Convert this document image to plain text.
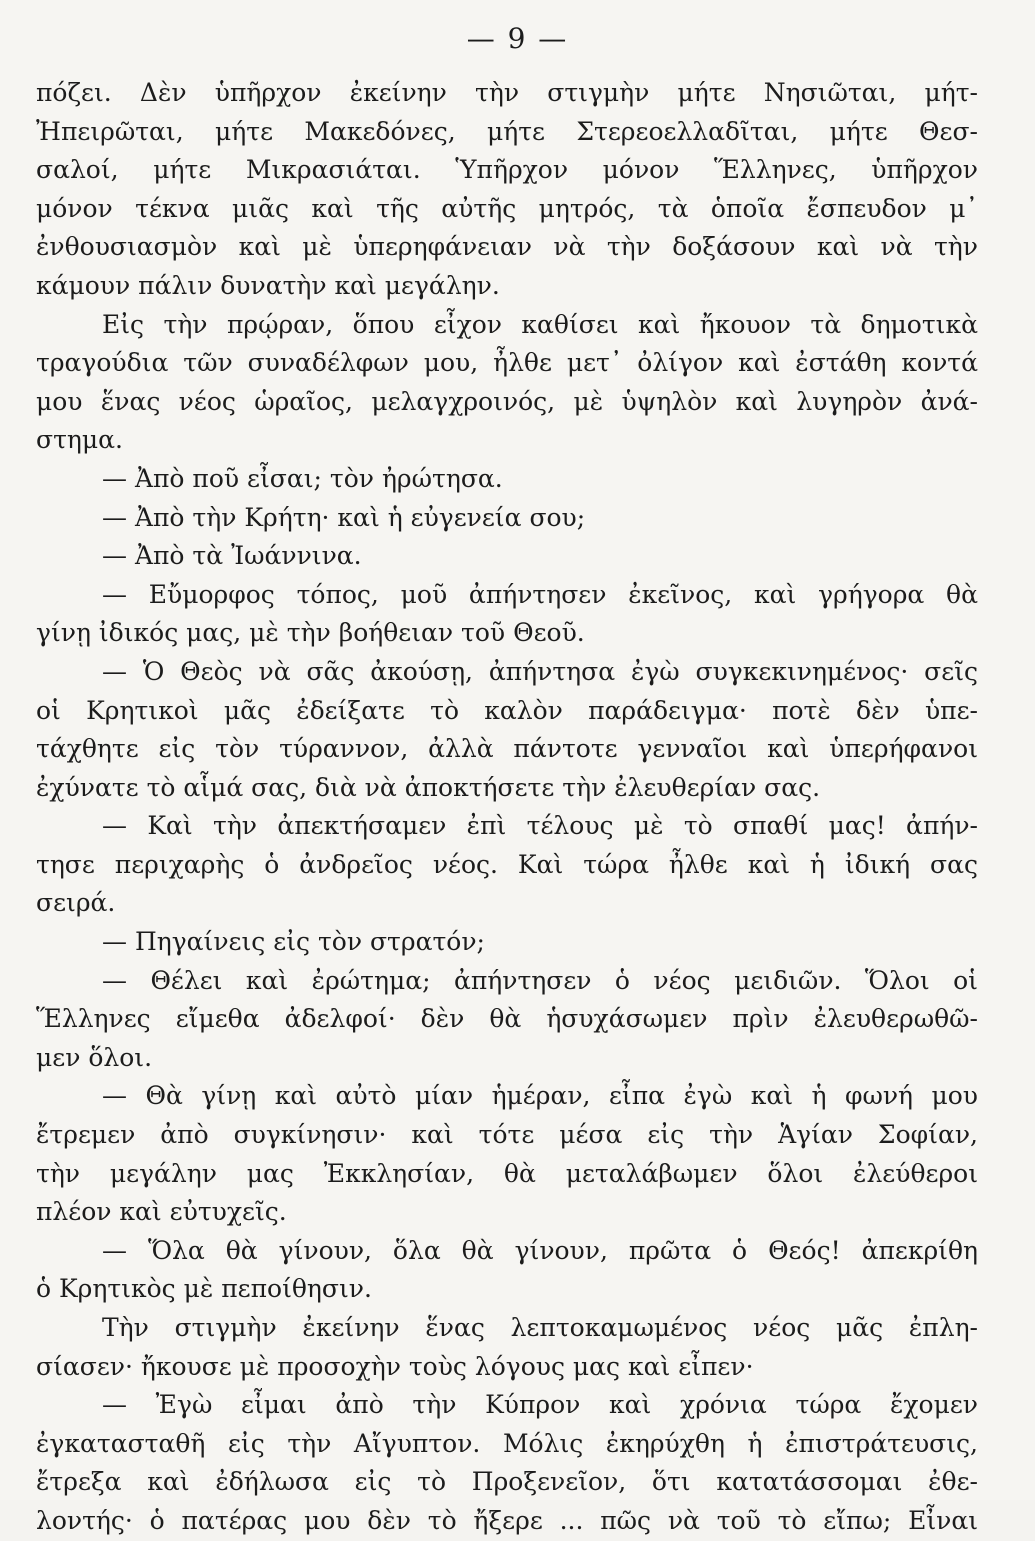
— 9 —
πόζει. Δὲν ὑπῆρχον ἐκείνην τὴν στιγμὴν μήτε Νησιῶται, μήτ-
Ἠπειρῶται, μήτε Μακεδόνες, μήτε Στερεοελλαδῖται, μήτε Θεσ-
σαλοί, μήτε Μικρασιάται. Ὑπῆρχον μόνον Ἕλληνες, ὑπῆρχον
μόνον τέκνα μιᾶς καὶ τῆς αὐτῆς μητρός, τὰ ὁποῖα ἔσπευδον μ᾿
ἐνθουσιασμὸν καὶ μὲ ὑπερηφάνειαν νὰ τὴν δοξάσουν καὶ νὰ τὴν
κάμουν πάλιν δυνατὴν καὶ μεγάλην.
Εἰς τὴν πρῴραν, ὅπου εἶχον καθίσει καὶ ἤκουον τὰ δημοτικὰ
τραγούδια τῶν συναδέλφων μου, ἦλθε μετ᾿ ὀλίγον καὶ ἐστάθη κοντά
μου ἕνας νέος ὡραῖος, μελαγχροινός, μὲ ὑψηλὸν καὶ λυγηρὸν ἀνά-
στημα.
— Ἀπὸ ποῦ εἶσαι; τὸν ἠρώτησα.
— Ἀπὸ τὴν Κρήτη· καὶ ἡ εὐγενεία σου;
— Ἀπὸ τὰ Ἰωάννινα.
— Εὔμορφος τόπος, μοῦ ἀπήντησεν ἐκεῖνος, καὶ γρήγορα θὰ
γίνῃ ἰδικός μας, μὲ τὴν βοήθειαν τοῦ Θεοῦ.
— Ὁ Θεὸς νὰ σᾶς ἀκούσῃ, ἀπήντησα ἐγὼ συγκεκινημένος· σεῖς
οἱ Κρητικοὶ μᾶς ἐδείξατε τὸ καλὸν παράδειγμα· ποτὲ δὲν ὑπε-
τάχθητε εἰς τὸν τύραννον, ἀλλὰ πάντοτε γενναῖοι καὶ ὑπερήφανοι
ἐχύνατε τὸ αἷμά σας, διὰ νὰ ἀποκτήσετε τὴν ἐλευθερίαν σας.
— Καὶ τὴν ἀπεκτήσαμεν ἐπὶ τέλους μὲ τὸ σπαθί μας! ἀπήν-
τησε περιχαρὴς ὁ ἀνδρεῖος νέος. Καὶ τώρα ἦλθε καὶ ἡ ἰδική σας
σειρά.
— Πηγαίνεις εἰς τὸν στρατόν;
— Θέλει καὶ ἐρώτημα; ἀπήντησεν ὁ νέος μειδιῶν. Ὅλοι οἱ
Ἕλληνες εἴμεθα ἀδελφοί· δὲν θὰ ἡσυχάσωμεν πρὶν ἐλευθερωθῶ-
μεν ὅλοι.
— Θὰ γίνῃ καὶ αὐτὸ μίαν ἡμέραν, εἶπα ἐγὼ καὶ ἡ φωνή μου
ἔτρεμεν ἀπὸ συγκίνησιν· καὶ τότε μέσα εἰς τὴν Ἁγίαν Σοφίαν,
τὴν μεγάλην μας Ἐκκλησίαν, θὰ μεταλάβωμεν ὅλοι ἐλεύθεροι
πλέον καὶ εὐτυχεῖς.
— Ὅλα θὰ γίνουν, ὅλα θὰ γίνουν, πρῶτα ὁ Θεός! ἀπεκρίθη
ὁ Κρητικὸς μὲ πεποίθησιν.
Τὴν στιγμὴν ἐκείνην ἕνας λεπτοκαμωμένος νέος μᾶς ἐπλη-
σίασεν· ἤκουσε μὲ προσοχὴν τοὺς λόγους μας καὶ εἶπεν·
— Ἐγὼ εἶμαι ἀπὸ τὴν Κύπρον καὶ χρόνια τώρα ἔχομεν
ἐγκατασταθῆ εἰς τὴν Αἴγυπτον. Μόλις ἐκηρύχθη ἡ ἐπιστράτευσις,
ἔτρεξα καὶ ἐδήλωσα εἰς τὸ Προξενεῖον, ὅτι κατατάσσομαι ἐθε-
λοντής· ὁ πατέρας μου δὲν τὸ ἤξερε ... πῶς νὰ τοῦ τὸ εἴπω; Εἶναι
